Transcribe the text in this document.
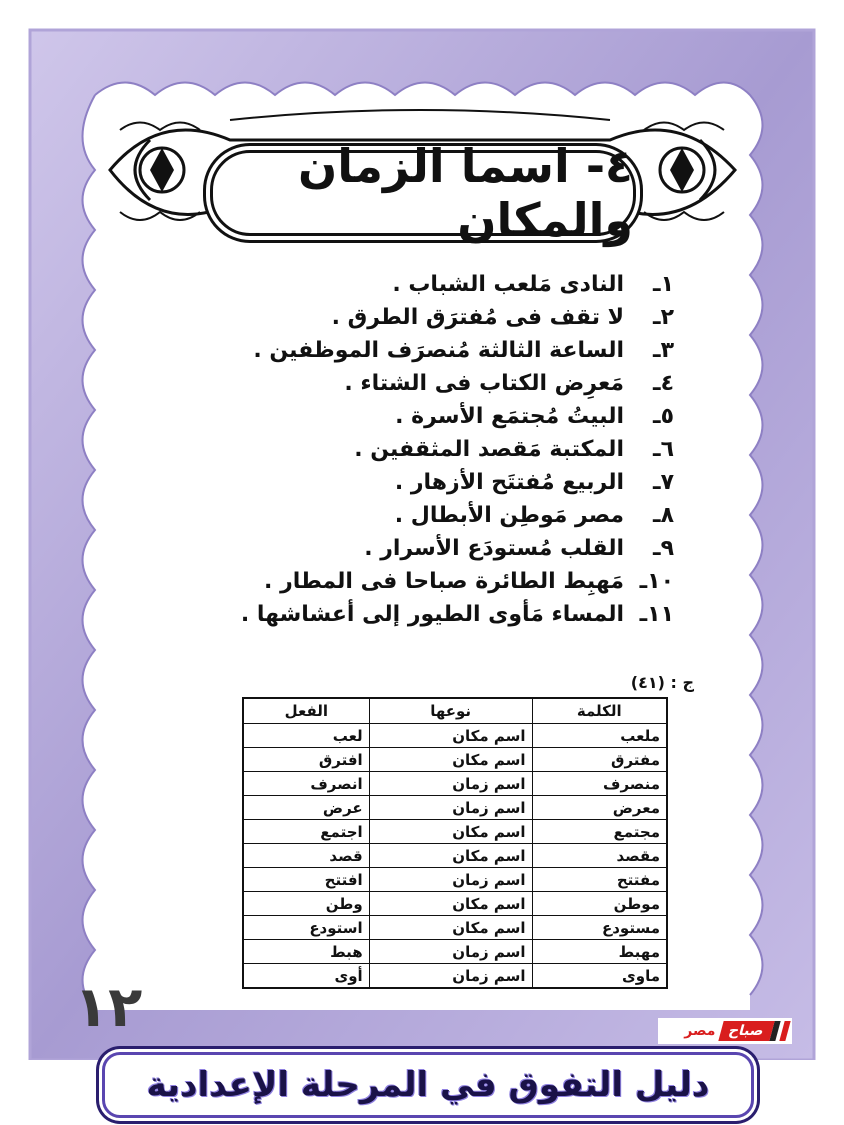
٤- اسما الزمان والمكان
١ـ
النادى مَلعب الشباب .
٢ـ
لا تقف فى مُفترَق الطرق .
٣ـ
الساعة الثالثة مُنصرَف الموظفين .
٤ـ
مَعرِض الكتاب فى الشتاء .
٥ـ
البيتُ مُجتمَع الأسرة .
٦ـ
المكتبة مَقصد المثقفين .
٧ـ
الربيع مُفتتَح الأزهار .
٨ـ
مصر مَوطِن الأبطال .
٩ـ
القلب مُستودَع الأسرار .
١٠ـ
مَهبِط الطائرة صباحا فى المطار .
١١ـ
المساء مَأوى الطيور إلى أعشاشها .
ج : (٤١)
الكلمة	نوعها	الفعل
ملعب	اسم مكان	لعب
مفترق	اسم مكان	افترق
منصرف	اسم زمان	انصرف
معرض	اسم زمان	عرض
مجتمع	اسم مكان	اجتمع
مقصد	اسم مكان	قصد
مفتتح	اسم زمان	افتتح
موطن	اسم مكان	وطن
مستودع	اسم مكان	استودع
مهبط	اسم زمان	هبط
ماوى	اسم زمان	أوى
١٢	صباح
مصر
دليل التفوق في المرحلة الإعدادية
